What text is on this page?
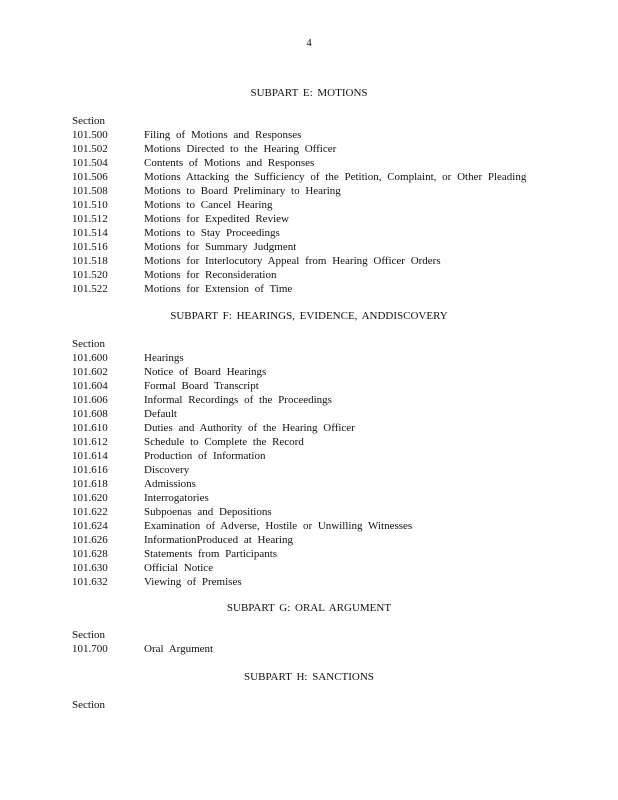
4
SUBPART E: MOTIONS
Section
101.500	Filing of Motions and Responses
101.502	Motions Directed to the Hearing Officer
101.504	Contents of Motions and Responses
101.506	Motions Attacking the Sufficiency of the Petition, Complaint, or Other Pleading
101.508	Motions to Board Preliminary to Hearing
101.510	Motions to Cancel Hearing
101.512	Motions for Expedited Review
101.514	Motions to Stay Proceedings
101.516	Motions for Summary Judgment
101.518	Motions for Interlocutory Appeal from Hearing Officer Orders
101.520	Motions for Reconsideration
101.522	Motions for Extension of Time
SUBPART F: HEARINGS, EVIDENCE, ANDDISCOVERY
Section
101.600	Hearings
101.602	Notice of Board Hearings
101.604	Formal Board Transcript
101.606	Informal Recordings of the Proceedings
101.608	Default
101.610	Duties and Authority of the Hearing Officer
101.612	Schedule to Complete the Record
101.614	Production of Information
101.616	Discovery
101.618	Admissions
101.620	Interrogatories
101.622	Subpoenas and Depositions
101.624	Examination of Adverse, Hostile or Unwilling Witnesses
101.626	InformationProduced at Hearing
101.628	Statements from Participants
101.630	Official Notice
101.632	Viewing of Premises
SUBPART G: ORAL ARGUMENT
Section
101.700	Oral Argument
SUBPART H: SANCTIONS
Section
